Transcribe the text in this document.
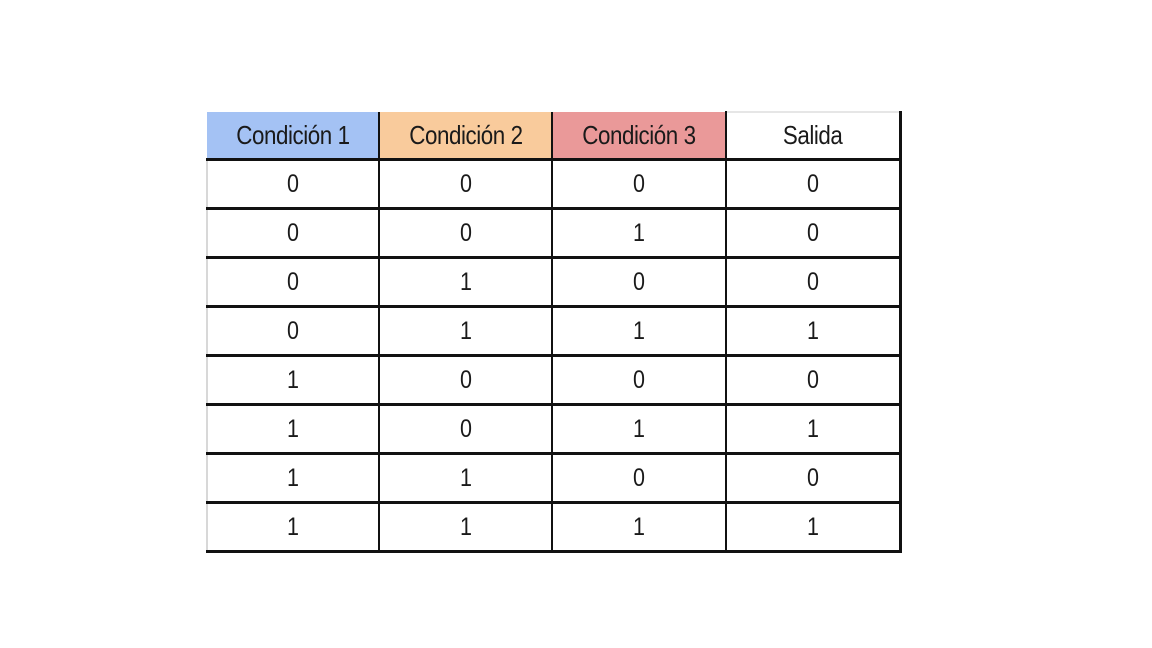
Condición 1	Condición 2	Condición 3	Salida
0	0	0	0
0	0	1	0
0	1	0	0
0	1	1	1
1	0	0	0
1	0	1	1
1	1	0	0
1	1	1	1
